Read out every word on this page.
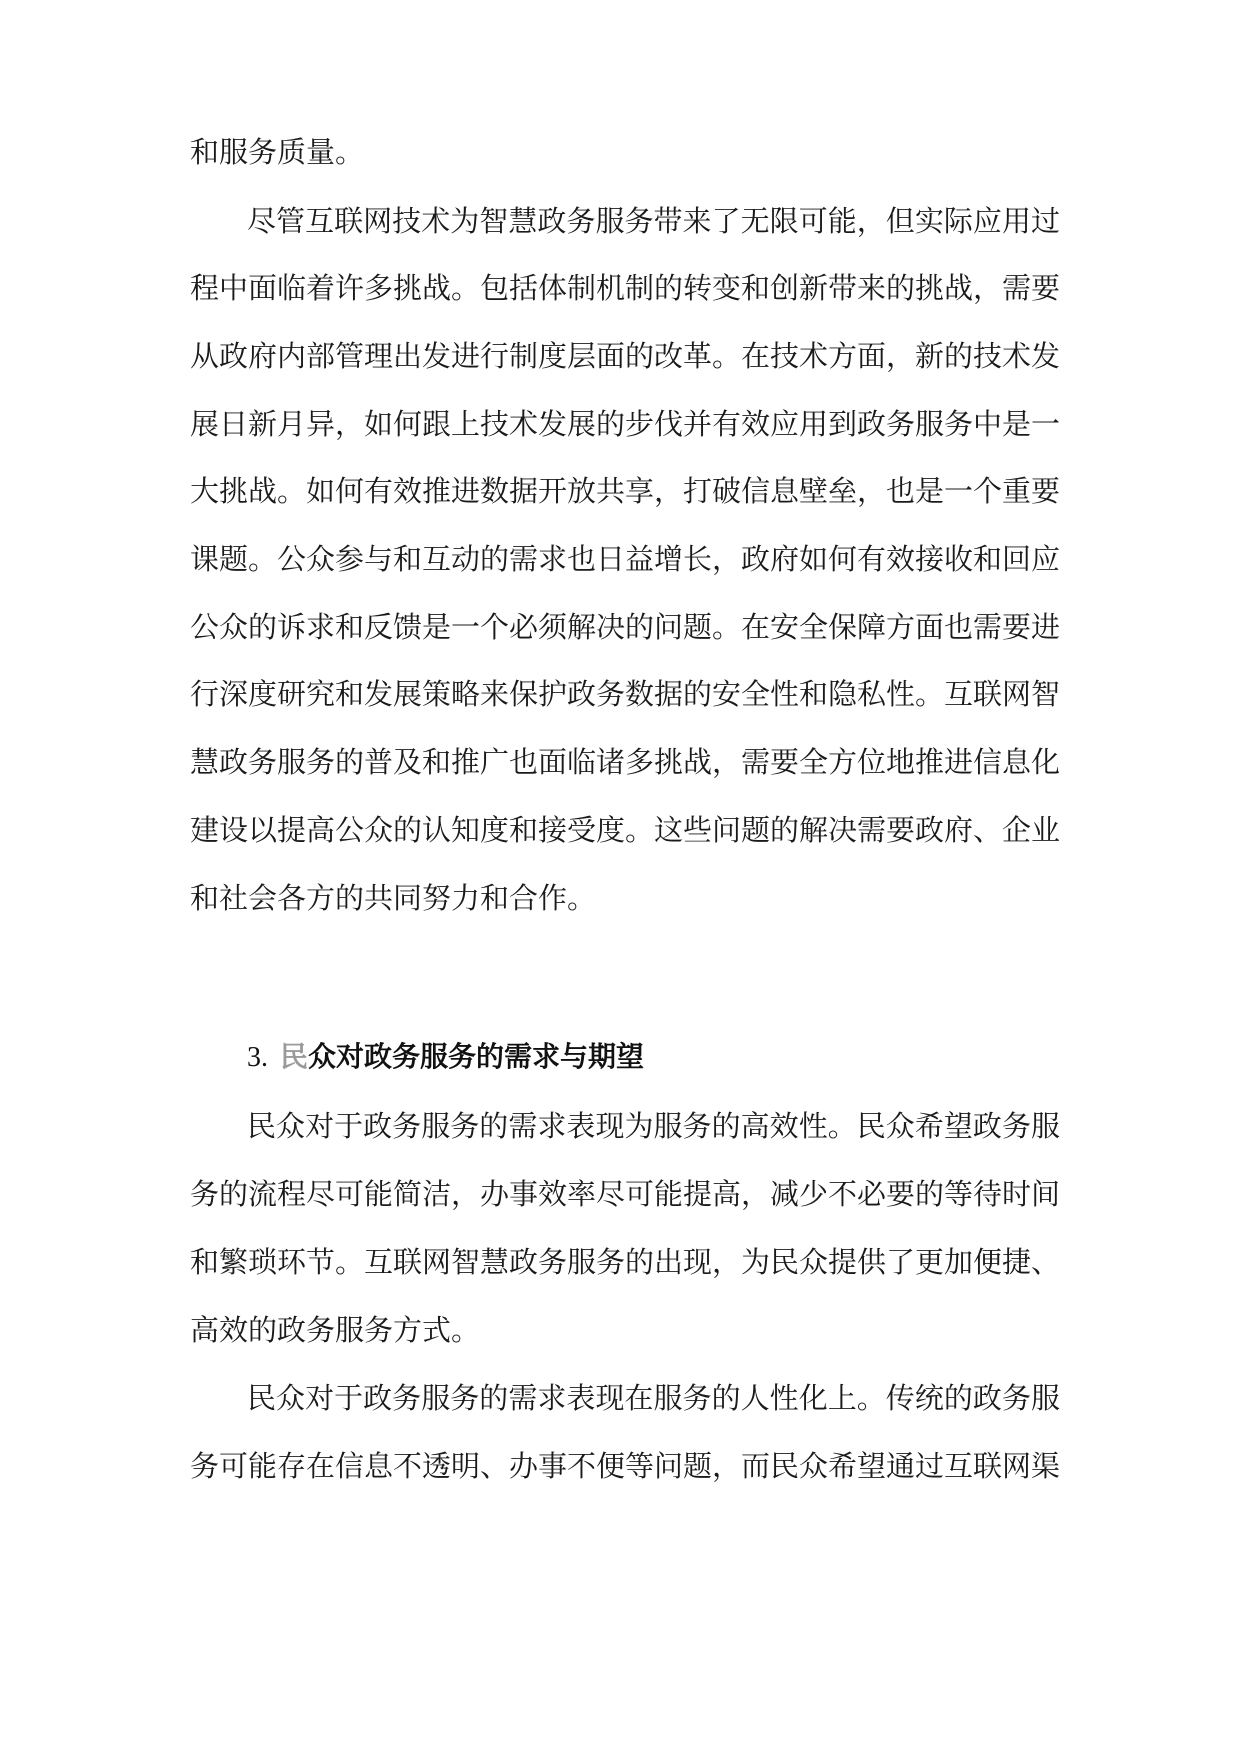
和服务质量。
尽管互联网技术为智慧政务服务带来了无限可能，但实际应用过
程中面临着许多挑战。包括体制机制的转变和创新带来的挑战，需要
从政府内部管理出发进行制度层面的改革。在技术方面，新的技术发
展日新月异，如何跟上技术发展的步伐并有效应用到政务服务中是一
大挑战。如何有效推进数据开放共享，打破信息壁垒，也是一个重要
课题。公众参与和互动的需求也日益增长，政府如何有效接收和回应
公众的诉求和反馈是一个必须解决的问题。在安全保障方面也需要进
行深度研究和发展策略来保护政务数据的安全性和隐私性。互联网智
慧政务服务的普及和推广也面临诸多挑战，需要全方位地推进信息化
建设以提高公众的认知度和接受度。这些问题的解决需要政府、企业
和社会各方的共同努力和合作。
3. 民众对政务服务的需求与期望
民众对于政务服务的需求表现为服务的高效性。民众希望政务服
务的流程尽可能简洁，办事效率尽可能提高，减少不必要的等待时间
和繁琐环节。互联网智慧政务服务的出现，为民众提供了更加便捷、
高效的政务服务方式。
民众对于政务服务的需求表现在服务的人性化上。传统的政务服
务可能存在信息不透明、办事不便等问题，而民众希望通过互联网渠
